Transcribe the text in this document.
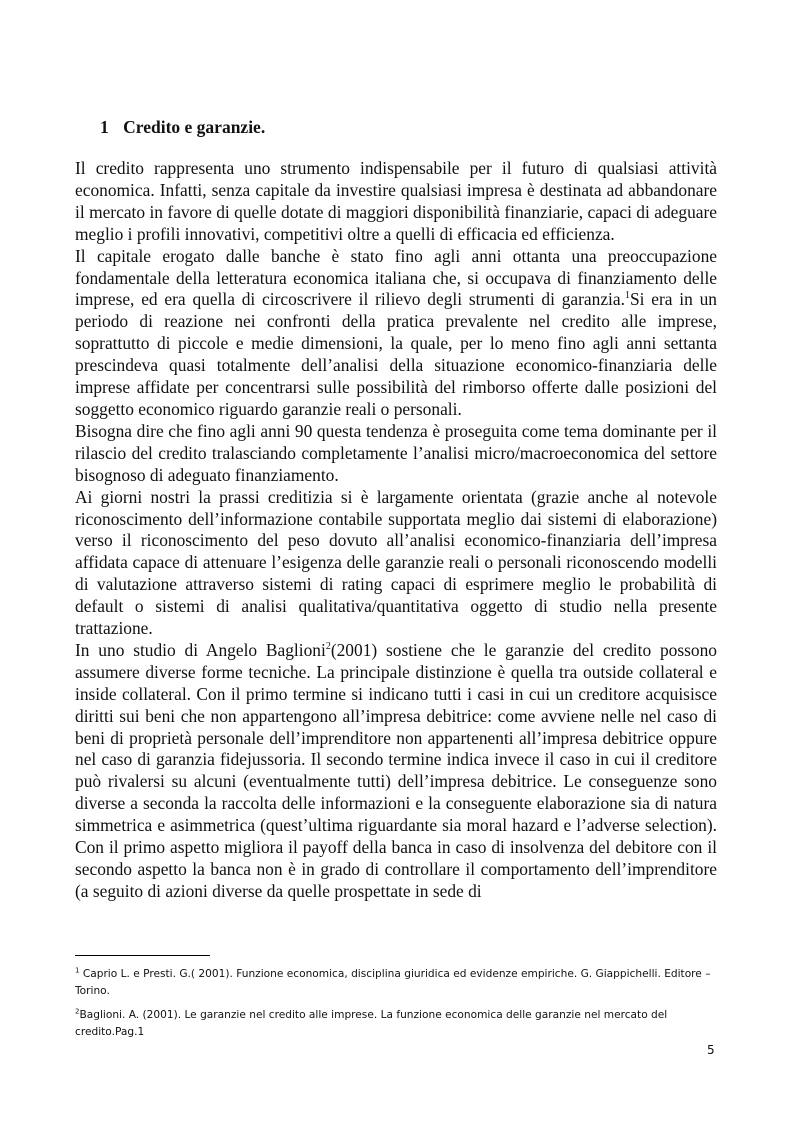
1 Credito e garanzie.

Il credito rappresenta uno strumento indispensabile per il futuro di qualsiasi attività economica. Infatti, senza capitale da investire qualsiasi impresa è destinata ad abbandonare il mercato in favore di quelle dotate di maggiori disponibilità finanziarie, capaci di adeguare meglio i profili innovativi, competitivi oltre a quelli di efficacia ed efficienza.

Il capitale erogato dalle banche è stato fino agli anni ottanta una preoccupazione fondamentale della letteratura economica italiana che, si occupava di finanziamento delle imprese, ed era quella di circoscrivere il rilievo degli strumenti di garanzia.$^1$Si era in un periodo di reazione nei confronti della pratica prevalente nel credito alle imprese, soprattutto di piccole e medie dimensioni, la quale, per lo meno fino agli anni settanta prescindeva quasi totalmente dell’analisi della situazione economico-finanziaria delle imprese affidate per concentrarsi sulle possibilità del rimborso offerte dalle posizioni del soggetto economico riguardo garanzie reali o personali.

Bisogna dire che fino agli anni 90 questa tendenza è proseguita come tema dominante per il rilascio del credito tralasciando completamente l’analisi micro/macroeconomica del settore bisognoso di adeguato finanziamento.

Ai giorni nostri la prassi creditizia si è largamente orientata (grazie anche al notevole riconoscimento dell’informazione contabile supportata meglio dai sistemi di elaborazione) verso il riconoscimento del peso dovuto all’analisi economico-finanziaria dell’impresa affidata capace di attenuare l’esigenza delle garanzie reali o personali riconoscendo modelli di valutazione attraverso sistemi di rating capaci di esprimere meglio le probabilità di default o sistemi di analisi qualitativa/quantitativa oggetto di studio nella presente trattazione.

In uno studio di Angelo Baglioni$^2$(2001) sostiene che le garanzie del credito possono assumere diverse forme tecniche. La principale distinzione è quella tra outside collateral e inside collateral. Con il primo termine si indicano tutti i casi in cui un creditore acquisisce diritti sui beni che non appartengono all’impresa debitrice: come avviene nelle nel caso di beni di proprietà personale dell’imprenditore non appartenenti all’impresa debitrice oppure nel caso di garanzia fidejussoria. Il secondo termine indica invece il caso in cui il creditore può rivalersi su alcuni (eventualmente tutti) dell’impresa debitrice. Le conseguenze sono diverse a seconda la raccolta delle informazioni e la conseguente elaborazione sia di natura simmetrica e asimmetrica (quest’ultima riguardante sia moral hazard e l’adverse selection). Con il primo aspetto migliora il payoff della banca in caso di insolvenza del debitore con il secondo aspetto la banca non è in grado di controllare il comportamento dell’imprenditore (a seguito di azioni diverse da quelle prospettate in sede di

$^1$ Caprio L. e Presti. G.( 2001). Funzione economica, disciplina giuridica ed evidenze empiriche. G. Giappichelli. Editore – Torino.

$^2$Baglioni. A. (2001). Le garanzie nel credito alle imprese. La funzione economica delle garanzie nel mercato del credito.Pag.1

5
